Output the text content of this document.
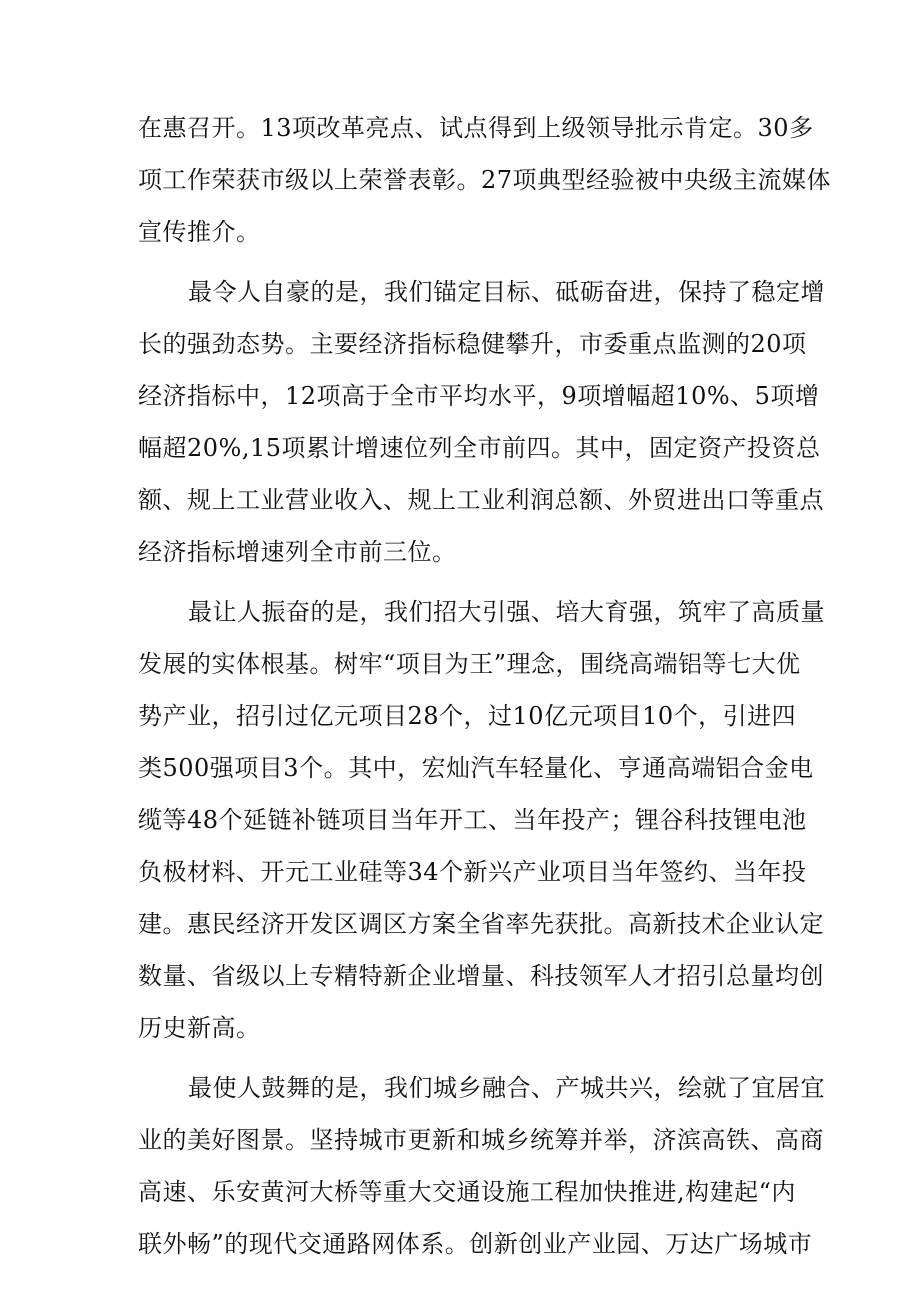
在惠召开。13项改革亮点、试点得到上级领导批示肯定。30多
项工作荣获市级以上荣誉表彰。27项典型经验被中央级主流媒体
宣传推介。
最令人自豪的是，我们锚定目标、砥砺奋进，保持了稳定增
长的强劲态势。主要经济指标稳健攀升，市委重点监测的20项
经济指标中，12项高于全市平均水平，9项增幅超10%、5项增
幅超20%,15项累计增速位列全市前四。其中，固定资产投资总
额、规上工业营业收入、规上工业利润总额、外贸进出口等重点
经济指标增速列全市前三位。
最让人振奋的是，我们招大引强、培大育强，筑牢了高质量
发展的实体根基。树牢“项目为王”理念，围绕高端铝等七大优
势产业，招引过亿元项目28个，过10亿元项目10个，引进四
类500强项目3个。其中，宏灿汽车轻量化、亨通高端铝合金电
缆等48个延链补链项目当年开工、当年投产；锂谷科技锂电池
负极材料、开元工业硅等34个新兴产业项目当年签约、当年投
建。惠民经济开发区调区方案全省率先获批。高新技术企业认定
数量、省级以上专精特新企业增量、科技领军人才招引总量均创
历史新高。
最使人鼓舞的是，我们城乡融合、产城共兴，绘就了宜居宜
业的美好图景。坚持城市更新和城乡统筹并举，济滨高铁、高商
高速、乐安黄河大桥等重大交通设施工程加快推进,构建起“内
联外畅”的现代交通路网体系。创新创业产业园、万达广场城市
